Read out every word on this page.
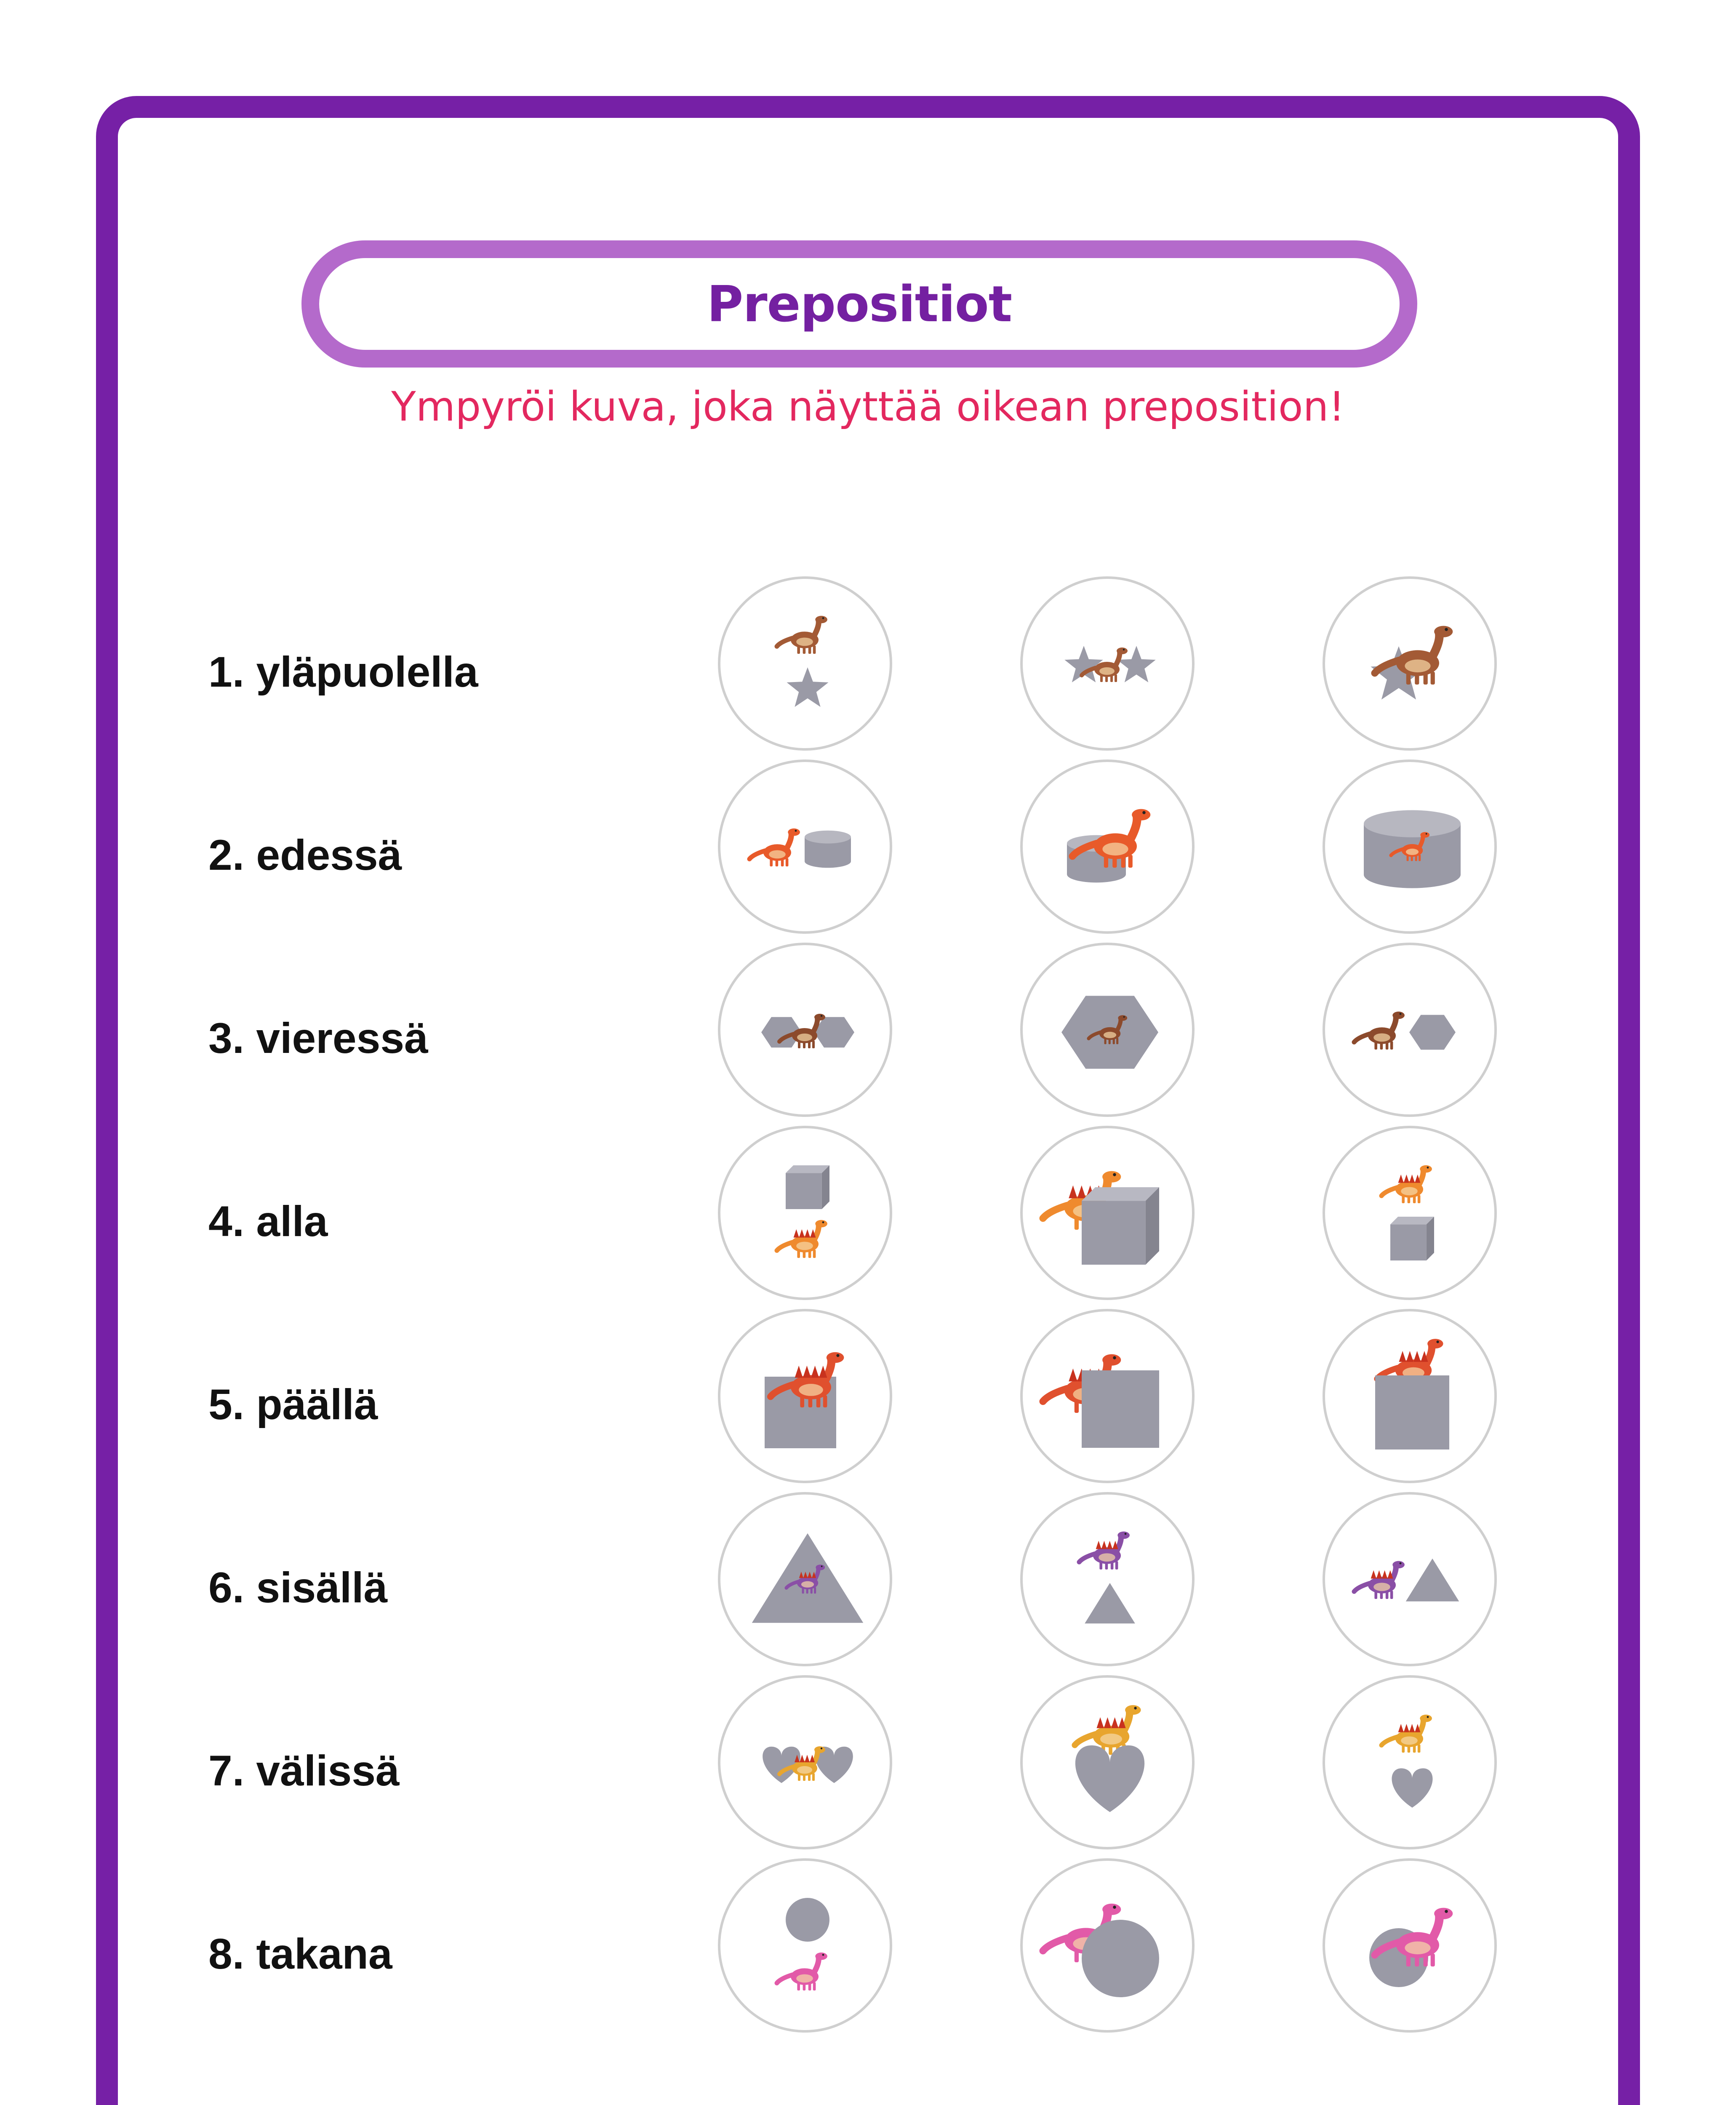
Prepositiot
Ympyröi kuva, joka näyttää oikean preposition!
1. yläpuolella
2. edessä
3. vieressä
4. alla
5. päällä
6. sisällä
7. välissä
8. takana
